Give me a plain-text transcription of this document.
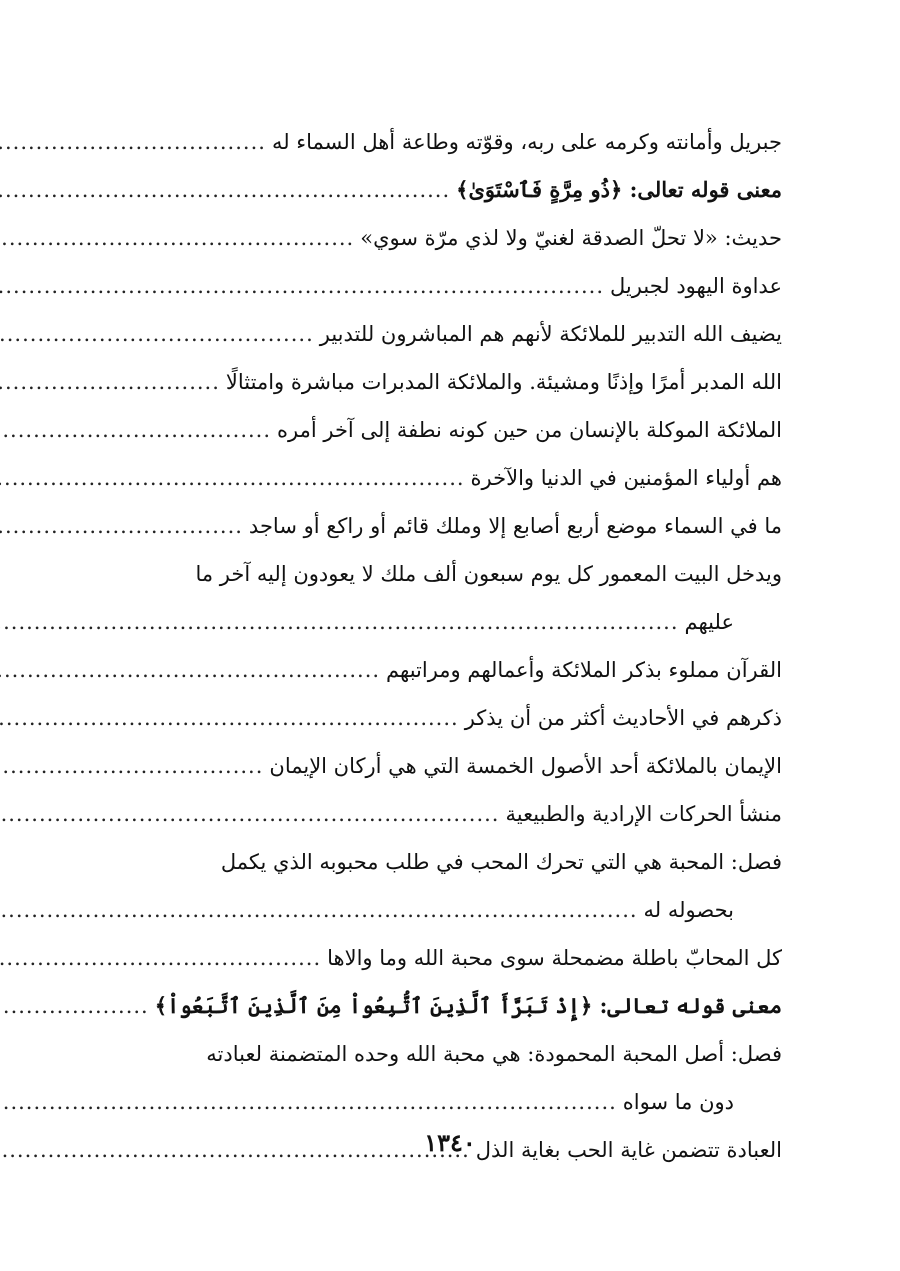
جبريل وأمانته وكرمه على ربه، وقوّته وطاعة أهل السماء له
.....
معنى قوله تعالى: ﴿ذُو مِرَّةٍ فَٱسْتَوَىٰ﴾
.....
حديث: «لا تحلّ الصدقة لغنيّ ولا لذي مرّة سوي»
.....
عداوة اليهود لجبريل
.....
يضيف الله التدبير للملائكة لأنهم هم المباشرون للتدبير
.....
الله المدبر أمرًا وإذنًا ومشيئة. والملائكة المدبرات مباشرة وامتثالًا
.....
الملائكة الموكلة بالإنسان من حين كونه نطفة إلى آخر أمره
.....
هم أولياء المؤمنين في الدنيا والآخرة
.....
ما في السماء موضع أربع أصابع إلا وملك قائم أو راكع أو ساجد
.....
ويدخل البيت المعمور كل يوم سبعون ألف ملك لا يعودون إليه آخر ما
عليهم
.....
القرآن مملوء بذكر الملائكة وأعمالهم ومراتبهم
.....
ذكرهم في الأحاديث أكثر من أن يذكر
.....
الإيمان بالملائكة أحد الأصول الخمسة التي هي أركان الإيمان
.....
منشأ الحركات الإرادية والطبيعية
.....
فصل: المحبة هي التي تحرك المحب في طلب محبوبه الذي يكمل
بحصوله له
.....
كل المحابّ باطلة مضمحلة سوى محبة الله وما والاها
.....
معنى قوله تعالى: ﴿إِذْ تَبَرَّأَ ٱلَّذِينَ ٱتُّبِعُواْ مِنَ ٱلَّذِينَ ٱتَّبَعُواْ﴾
.....
فصل: أصل المحبة المحمودة: هي محبة الله وحده المتضمنة لعبادته
دون ما سواه
.....
العبادة تتضمن غاية الحب بغاية الذل
.....
١٣٤٠
